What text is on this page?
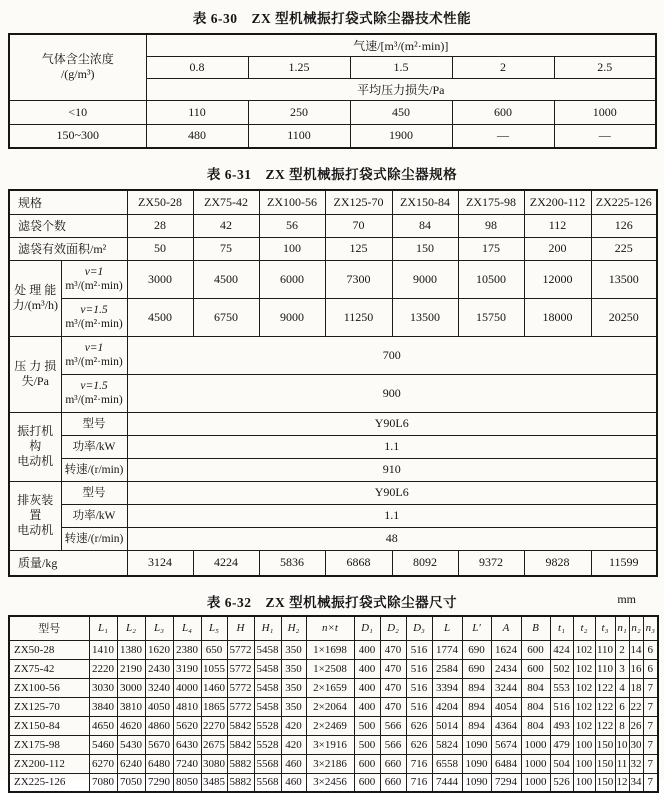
表 6-30　ZX 型机械振打袋式除尘器技术性能
气体含尘浓度
/(g/m³)	气速/[m³/(m²·min)]				
	0.8	1.25	1.5	2	2.5
	平均压力损失/Pa				
<10	110	250	450	600	1000
150~300	480	1100	1900	—	—
表 6-31　ZX 型机械振打袋式除尘器规格
规格		ZX50-28	ZX75-42	ZX100-56	ZX125-70	ZX150-84	ZX175-98	ZX200-112	ZX225-126
滤袋个数		28	42	56	70	84	98	112	126
滤袋有效面积/m²		50	75	100	125	150	175	200	225
处 理 能
力/(m³/h)	v=1
m³/(m²·min)	3000	4500	6000	7300	9000	10500	12000	13500
	v=1.5
m³/(m²·min)	4500	6750	9000	11250	13500	15750	18000	20250
压 力 损
失/Pa	v=1
m³/(m²·min)	700							
	v=1.5
m³/(m²·min)	900							
振打机构
电动机	型号	Y90L6							
	功率/kW	1.1							
	转速/(r/min)	910							
排灰装置
电动机	型号	Y90L6							
	功率/kW	1.1							
	转速/(r/min)	48							
质量/kg		3124	4224	5836	6868	8092	9372	9828	11599
表 6-32　ZX 型机械振打袋式除尘器尺寸	mm
型号	L₁	L₂	L₃	L₄	L₅	H	H₁	H₂	n×t	D₁	D₂	D₃	L	L′	A	B	t₁	t₂	t₃	n₁	n₂	n₃
ZX50-28	1410	1380	1620	2380	650	5772	5458	350	1×1698	400	470	516	1774	690	1624	600	424	102	110	2	14	6
ZX75-42	2220	2190	2430	3190	1055	5772	5458	350	1×2508	400	470	516	2584	690	2434	600	502	102	110	3	16	6
ZX100-56	3030	3000	3240	4000	1460	5772	5458	350	2×1659	400	470	516	3394	894	3244	804	553	102	122	4	18	7
ZX125-70	3840	3810	4050	4810	1865	5772	5458	350	2×2064	400	470	516	4204	894	4054	804	516	102	122	6	22	7
ZX150-84	4650	4620	4860	5620	2270	5842	5528	420	2×2469	500	566	626	5014	894	4364	804	493	102	122	8	26	7
ZX175-98	5460	5430	5670	6430	2675	5842	5528	420	3×1916	500	566	626	5824	1090	5674	1000	479	100	150	10	30	7
ZX200-112	6270	6240	6480	7240	3080	5882	5568	460	3×2186	600	660	716	6558	1090	6484	1000	504	100	150	11	32	7
ZX225-126	7080	7050	7290	8050	3485	5882	5568	460	3×2456	600	660	716	7444	1090	7294	1000	526	100	150	12	34	7
